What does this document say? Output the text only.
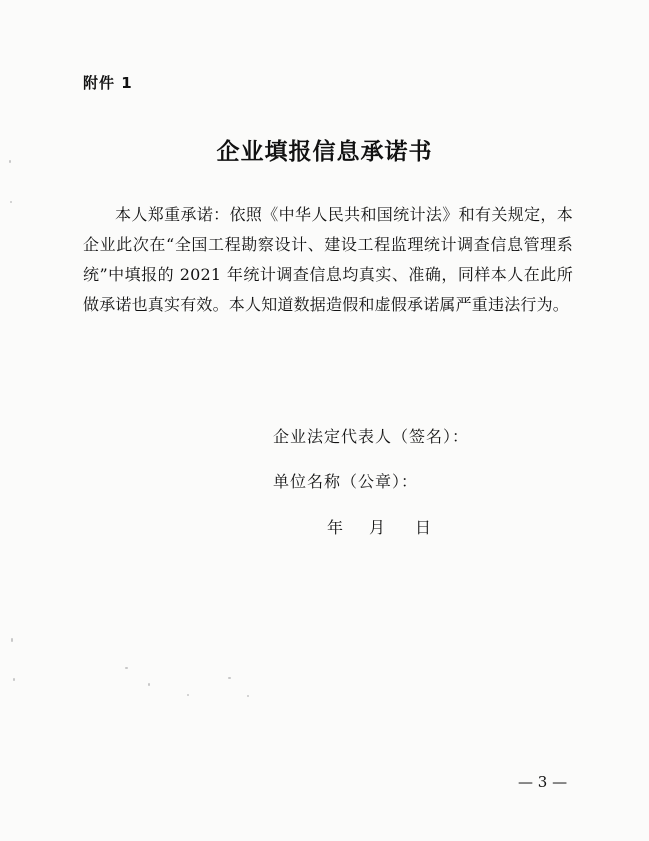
附件 1
企业填报信息承诺书
本人郑重承诺：依照《中华人民共和国统计法》和有关规定，本企业此次在“全国工程勘察设计、建设工程监理统计调查信息管理系统”中填报的 2021 年统计调查信息均真实、准确，同样本人在此所做承诺也真实有效。本人知道数据造假和虚假承诺属严重违法行为。
企业法定代表人（签名）：
单位名称（公章）：
年 月 日
— 3 —
